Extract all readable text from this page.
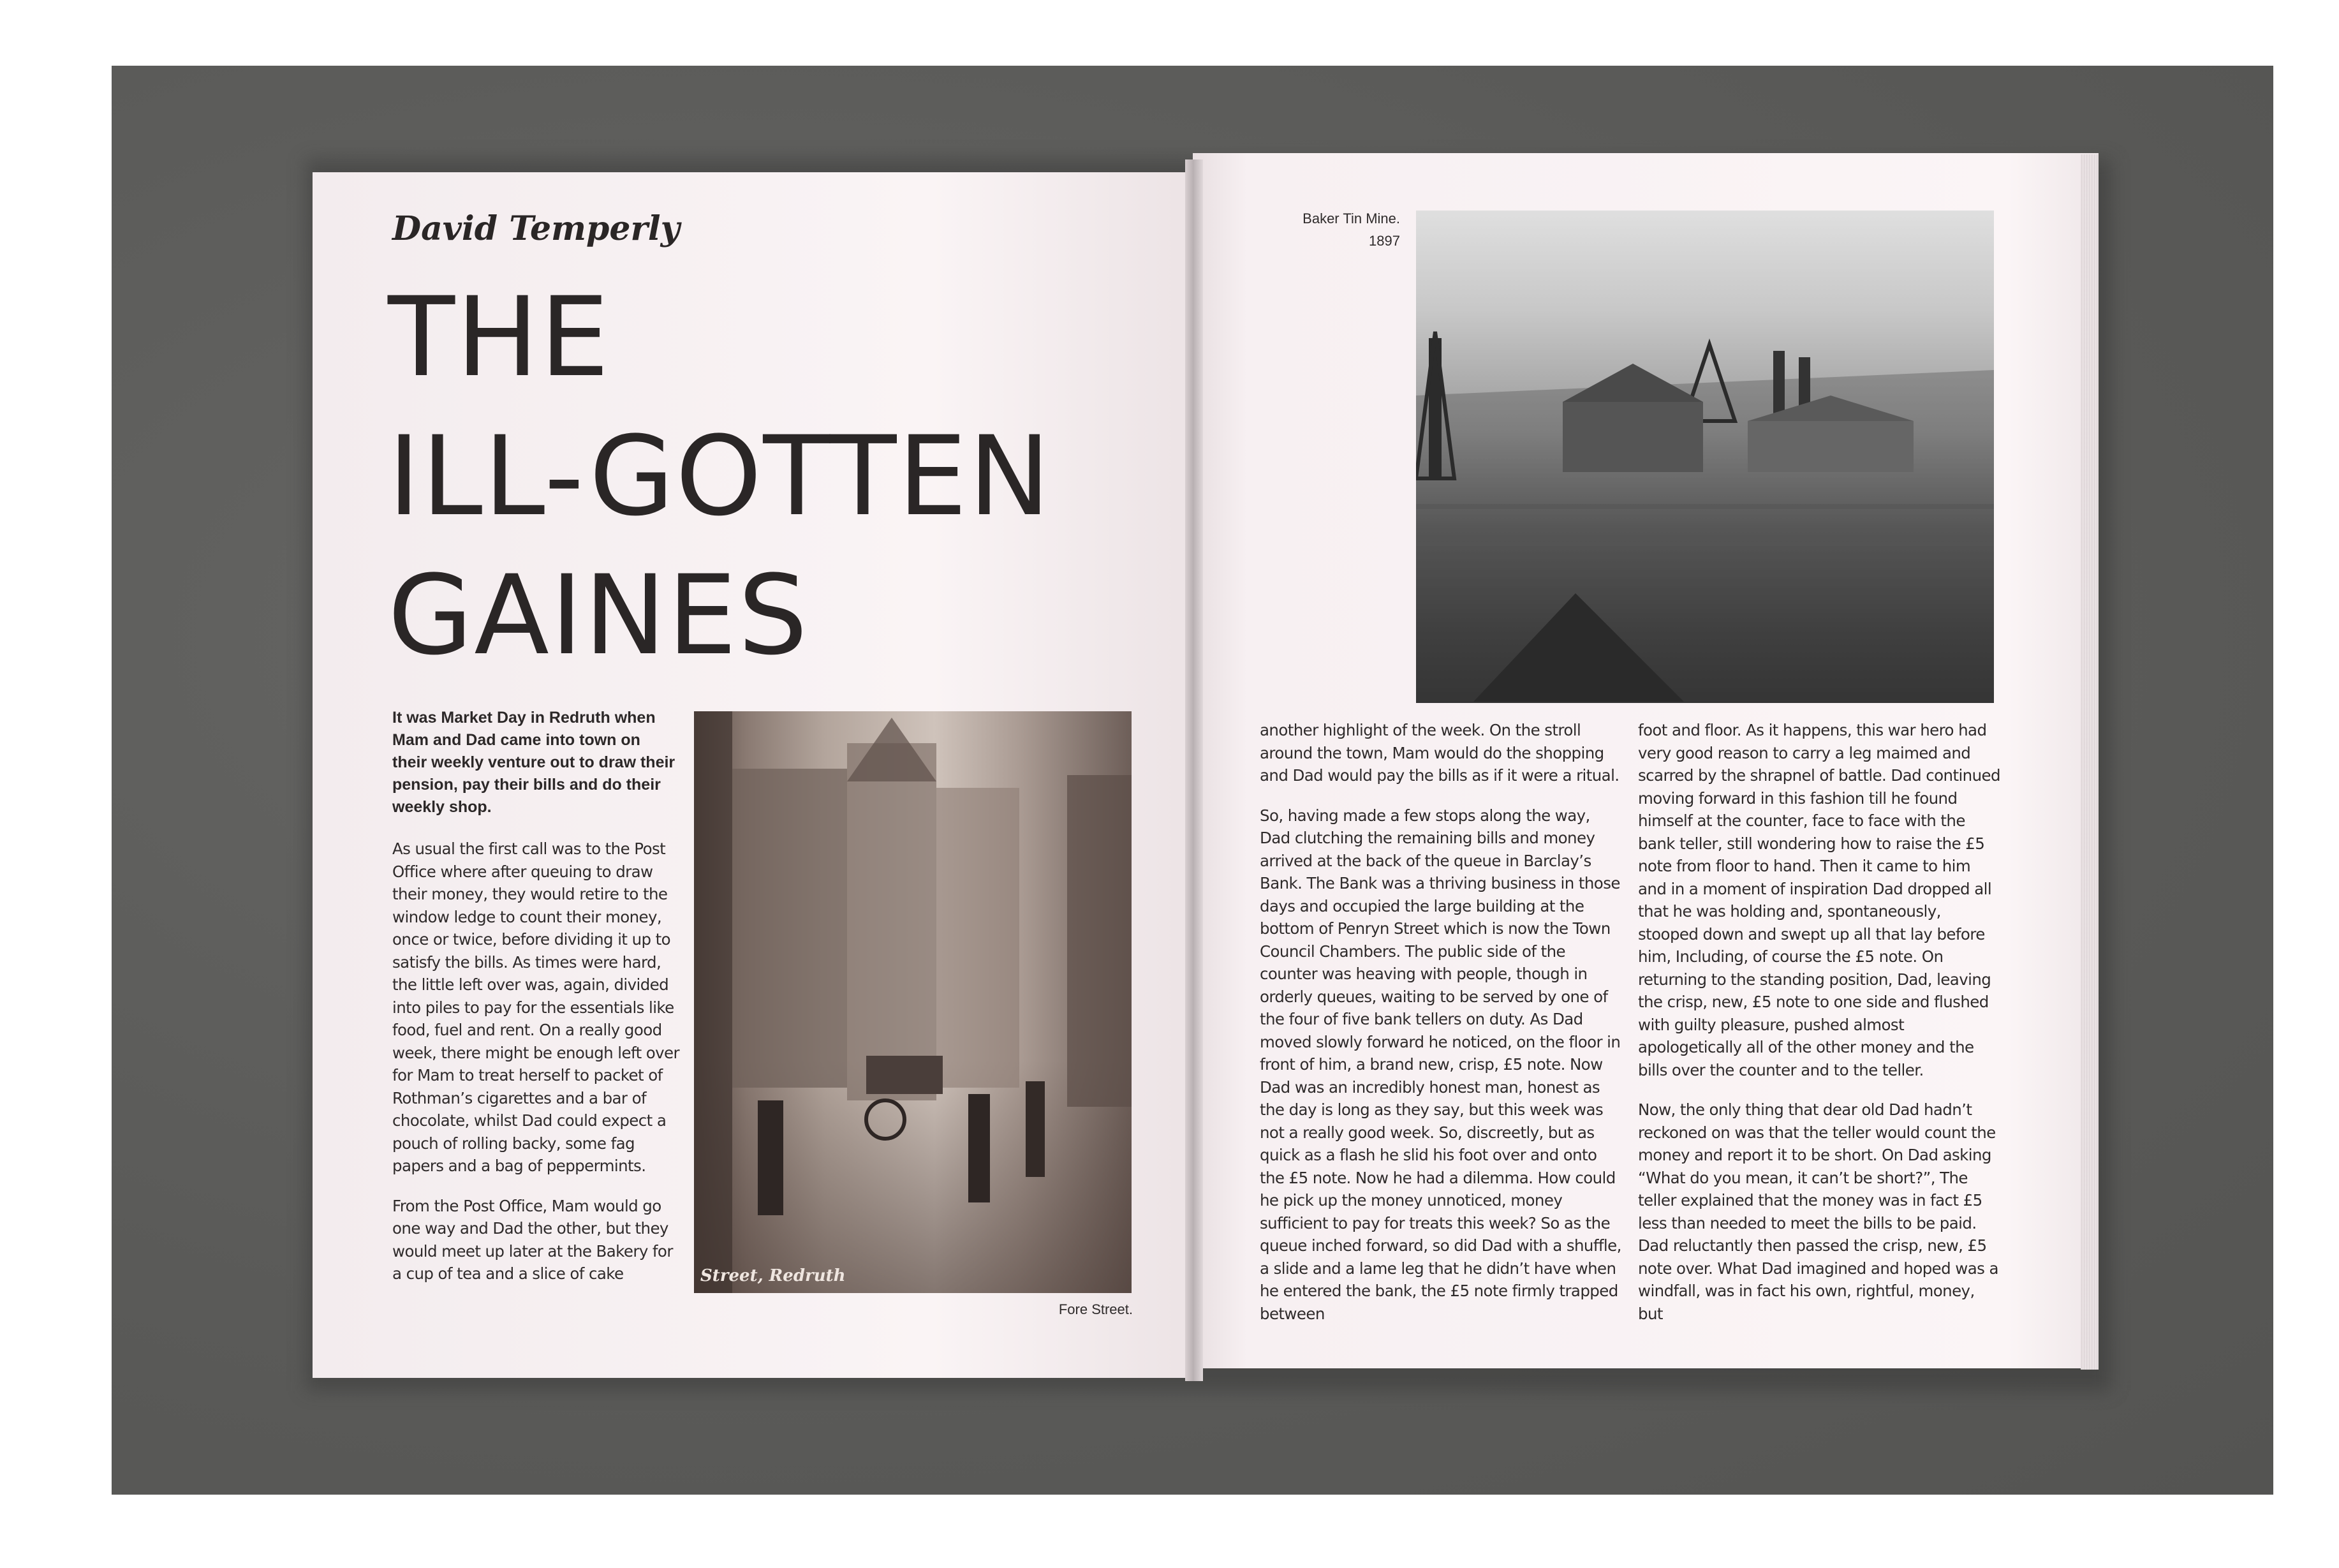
David Temperly
THE
ILL-GOTTEN
GAINES
It was Market Day in Redruth when Mam and Dad came into town on their weekly venture out to draw their pension, pay their bills and do their weekly shop.

As usual the first call was to the Post Office where after queuing to draw their money, they would retire to the window ledge to count their money, once or twice, before dividing it up to satisfy the bills. As times were hard, the little left over was, again, divided into piles to pay for the essentials like food, fuel and rent. On a really good week, there might be enough left over for Mam to treat herself to packet of Rothman’s cigarettes and a bar of chocolate, whilst Dad could expect a pouch of rolling backy, some fag papers and a bag of peppermints.

From the Post Office, Mam would go one way and Dad the other, but they would meet up later at the Bakery for a cup of tea and a slice of cake	Street, Redruth
Fore Street.
Baker Tin Mine.
1897

another highlight of the week. On the stroll around the town, Mam would do the shopping and Dad would pay the bills as if it were a ritual.

So, having made a few stops along the way, Dad clutching the remaining bills and money arrived at the back of the queue in Barclay’s Bank. The Bank was a thriving business in those days and occupied the large building at the bottom of Penryn Street which is now the Town Council Chambers. The public side of the counter was heaving with people, though in orderly queues, waiting to be served by one of the four of five bank tellers on duty. As Dad moved slowly forward he noticed, on the floor in front of him, a brand new, crisp, £5 note. Now Dad was an incredibly honest man, honest as the day is long as they say, but this week was not a really good week. So, discreetly, but as quick as a flash he slid his foot over and onto the £5 note. Now he had a dilemma. How could he pick up the money unnoticed, money sufficient to pay for treats this week? So as the queue inched forward, so did Dad with a shuffle, a slide and a lame leg that he didn’t have when he entered the bank, the £5 note firmly trapped between

foot and floor. As it happens, this war hero had very good reason to carry a leg maimed and scarred by the shrapnel of battle. Dad continued moving forward in this fashion till he found himself at the counter, face to face with the bank teller, still wondering how to raise the £5 note from floor to hand. Then it came to him and in a moment of inspiration Dad dropped all that he was holding and, spontaneously, stooped down and swept up all that lay before him, Including, of course the £5 note. On returning to the standing position, Dad, leaving the crisp, new, £5 note to one side and flushed with guilty pleasure, pushed almost apologetically all of the other money and the bills over the counter and to the teller.

Now, the only thing that dear old Dad hadn’t reckoned on was that the teller would count the money and report it to be short. On Dad asking “What do you mean, it can’t be short?”, The teller explained that the money was in fact £5 less than needed to meet the bills to be paid. Dad reluctantly then passed the crisp, new, £5 note over. What Dad imagined and hoped was a windfall, was in fact his own, rightful, money, but
